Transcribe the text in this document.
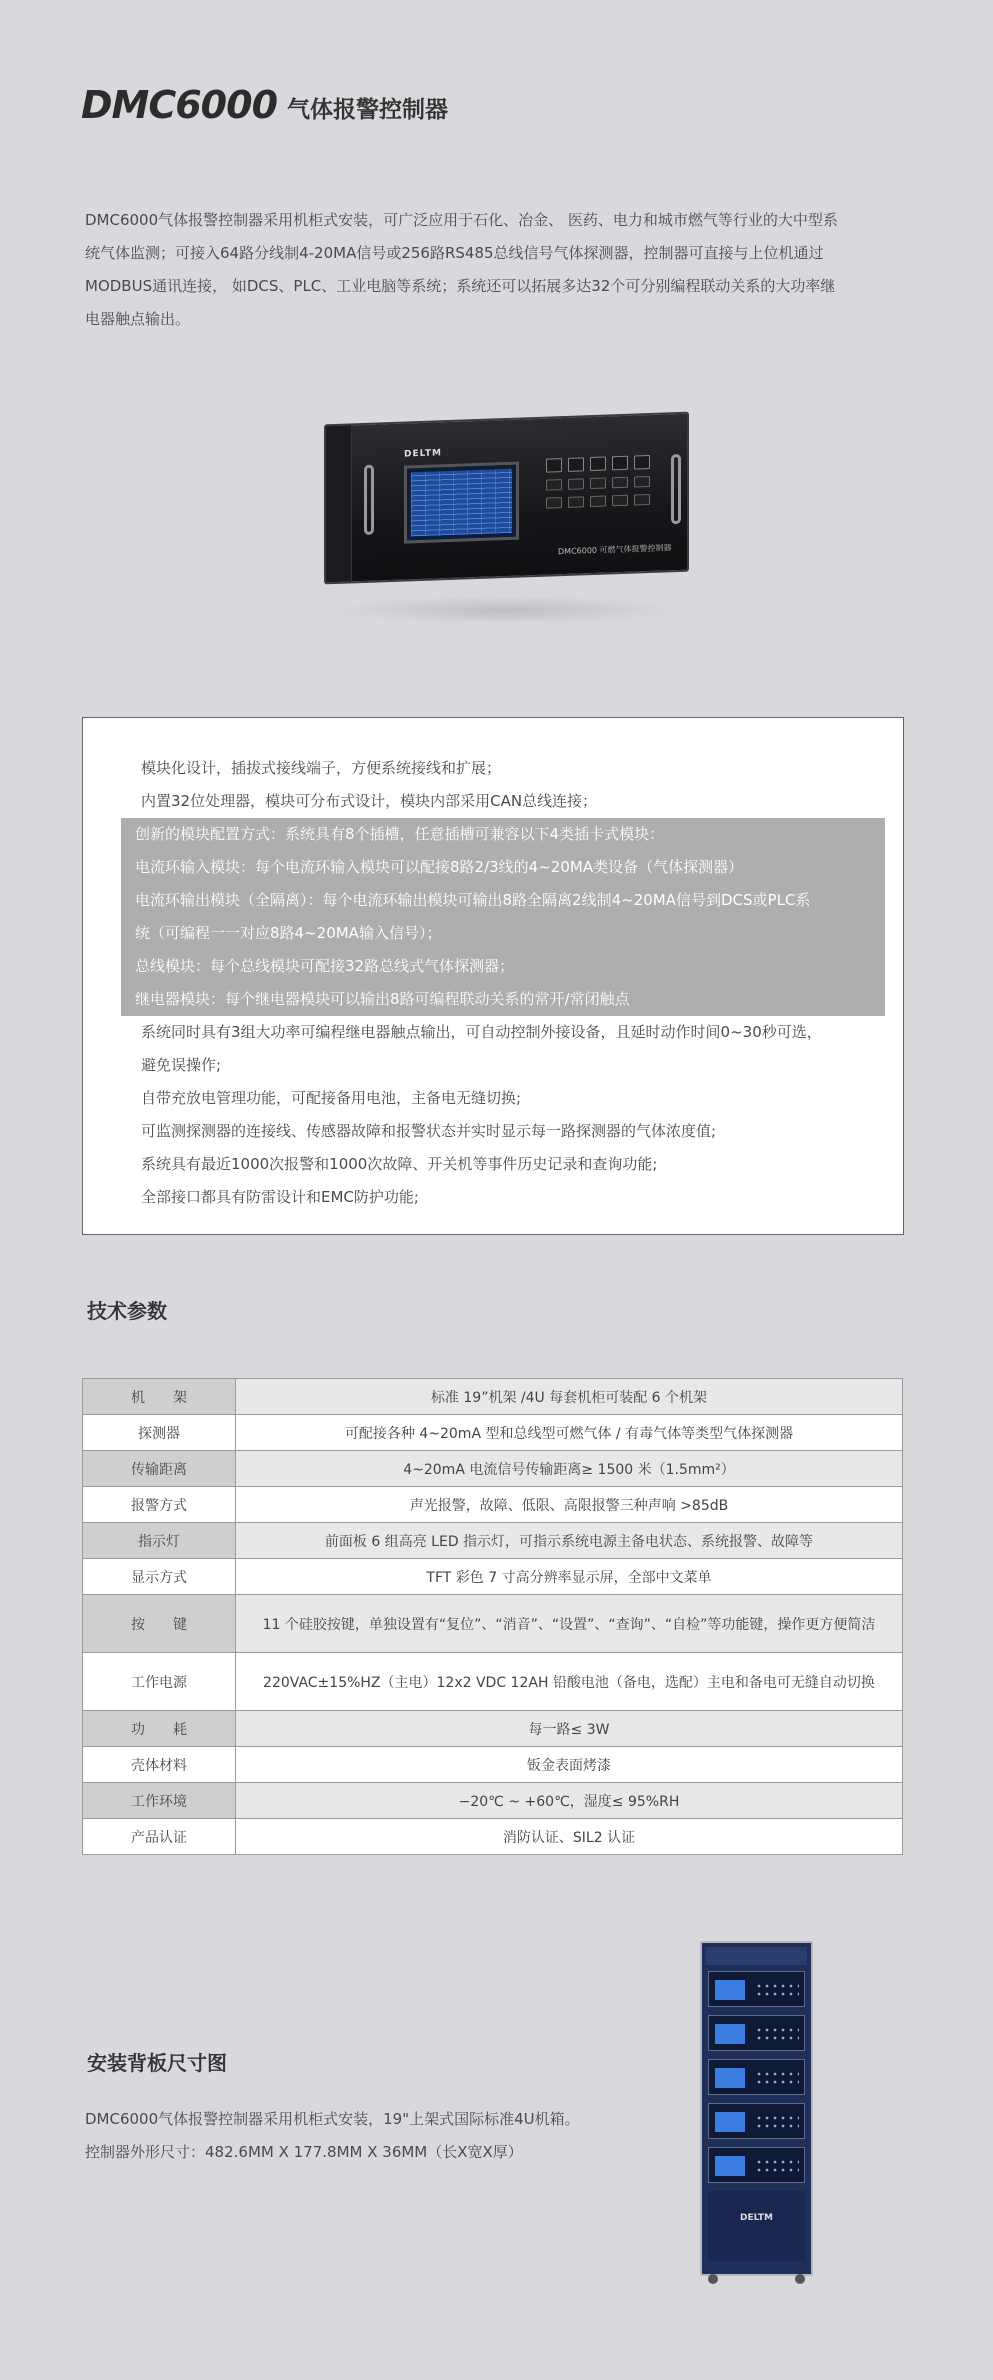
DMC6000 气体报警控制器
DMC6000气体报警控制器采用机柜式安装，可广泛应用于石化、冶金、 医药、电力和城市燃气等行业的大中型系
统气体监测；可接入64路分线制4-20MA信号或256路RS485总线信号气体探测器，控制器可直接与上位机通过
MODBUS通讯连接， 如DCS、PLC、工业电脑等系统；系统还可以拓展多达32个可分别编程联动关系的大功率继
电器触点输出。
DELTM
DMC6000 可燃气体报警控制器
模块化设计，插拔式接线端子，方便系统接线和扩展；
内置32位处理器，模块可分布式设计，模块内部采用CAN总线连接；
创新的模块配置方式：系统具有8个插槽，任意插槽可兼容以下4类插卡式模块：
电流环输入模块：每个电流环输入模块可以配接8路2/3线的4~20MA类设备（气体探测器）
电流环输出模块（全隔离）：每个电流环输出模块可输出8路全隔离2线制4~20MA信号到DCS或PLC系
统（可编程一一对应8路4~20MA输入信号）；
总线模块：每个总线模块可配接32路总线式气体探测器；
继电器模块：每个继电器模块可以输出8路可编程联动关系的常开/常闭触点
系统同时具有3组大功率可编程继电器触点输出，可自动控制外接设备，且延时动作时间0~30秒可选，
避免误操作;
自带充放电管理功能，可配接备用电池，主备电无缝切换;
可监测探测器的连接线、传感器故障和报警状态并实时显示每一路探测器的气体浓度值;
系统具有最近1000次报警和1000次故障、开关机等事件历史记录和查询功能;
全部接口都具有防雷设计和EMC防护功能;
技术参数
机　　架	标准 19”机架 /4U 每套机柜可装配 6 个机架
探测器	可配接各种 4~20mA 型和总线型可燃气体 / 有毒气体等类型气体探测器
传输距离	4~20mA 电流信号传输距离≥ 1500 米（1.5mm²）
报警方式	声光报警，故障、低限、高限报警三种声响 >85dB
指示灯	前面板 6 组高亮 LED 指示灯，可指示系统电源主备电状态、系统报警、故障等
显示方式	TFT 彩色 7 寸高分辨率显示屏，全部中文菜单
按　　键	11 个硅胶按键，单独设置有“复位”、“消音”、“设置”、“查询”、“自检”等功能键，操作更方便简洁
工作电源	220VAC±15%HZ（主电）12x2 VDC 12AH 铅酸电池（备电，选配）主电和备电可无缝自动切换
功　　耗	每一路≤ 3W
壳体材料	钣金表面烤漆
工作环境	−20℃ ~ +60℃，湿度≤ 95%RH
产品认证	消防认证、SIL2 认证
安装背板尺寸图
DMC6000气体报警控制器采用机柜式安装，19"上架式国际标准4U机箱。
控制器外形尺寸：482.6MM X 177.8MM X 36MM（长X宽X厚）
DELTM
